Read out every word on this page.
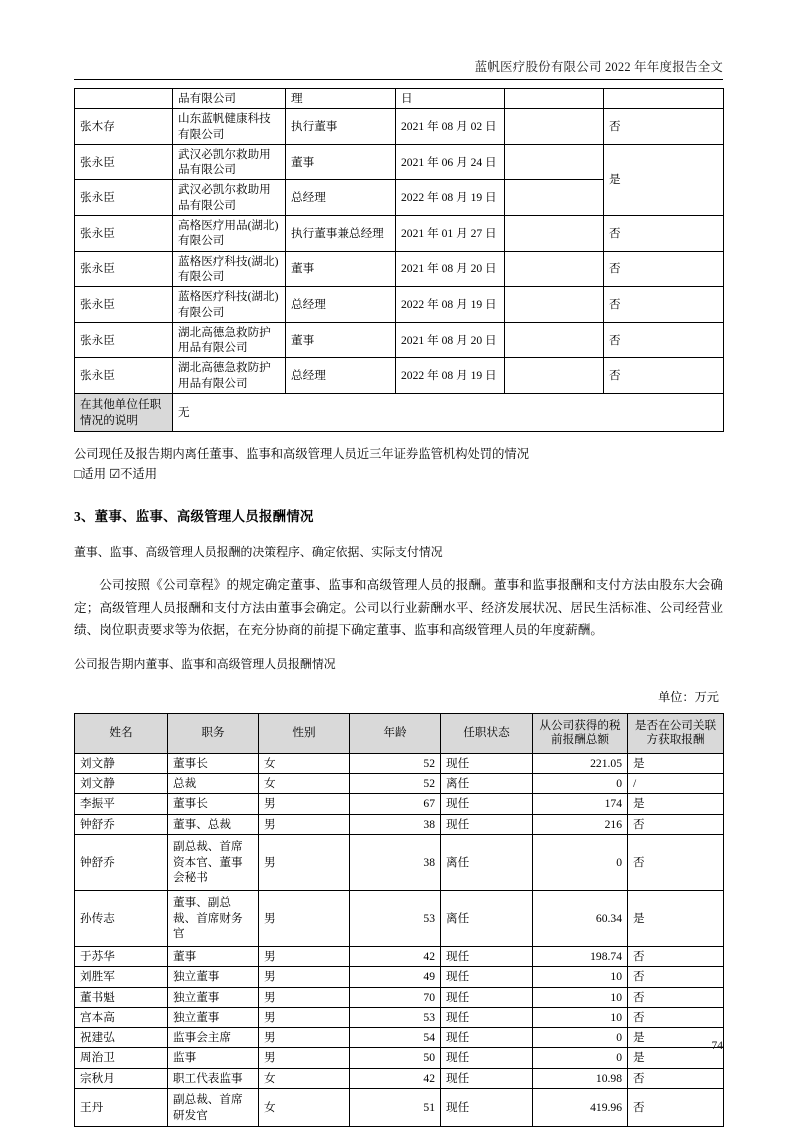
蓝帆医疗股份有限公司 2022 年年度报告全文
	品有限公司	理	日		
张木存	山东蓝帆健康科技有限公司	执行董事	2021 年 08 月 02 日		否
张永臣	武汉必凯尔救助用品有限公司	董事	2021 年 06 月 24 日		是
张永臣	武汉必凯尔救助用品有限公司	总经理	2022 年 08 月 19 日		
张永臣	高格医疗用品(湖北)有限公司	执行董事兼总经理	2021 年 01 月 27 日		否
张永臣	蓝格医疗科技(湖北)有限公司	董事	2021 年 08 月 20 日		否
张永臣	蓝格医疗科技(湖北)有限公司	总经理	2022 年 08 月 19 日		否
张永臣	湖北高德急救防护用品有限公司	董事	2021 年 08 月 20 日		否
张永臣	湖北高德急救防护用品有限公司	总经理	2022 年 08 月 19 日		否
在其他单位任职情况的说明	无				

公司现任及报告期内离任董事、监事和高级管理人员近三年证券监管机构处罚的情况

□适用 ☑不适用

3、董事、监事、高级管理人员报酬情况

董事、监事、高级管理人员报酬的决策程序、确定依据、实际支付情况

公司按照《公司章程》的规定确定董事、监事和高级管理人员的报酬。董事和监事报酬和支付方法由股东大会确定；高级管理人员报酬和支付方法由董事会确定。公司以行业薪酬水平、经济发展状况、居民生活标准、公司经营业绩、岗位职责要求等为依据，在充分协商的前提下确定董事、监事和高级管理人员的年度薪酬。

公司报告期内董事、监事和高级管理人员报酬情况

单位：万元

姓名	职务	性别	年龄	任职状态	从公司获得的税前报酬总额	是否在公司关联方获取报酬
刘文静	董事长	女	52	现任	221.05	是
刘文静	总裁	女	52	离任	0	/
李振平	董事长	男	67	现任	174	是
钟舒乔	董事、总裁	男	38	现任	216	否
钟舒乔	副总裁、首席资本官、董事会秘书	男	38	离任	0	否
孙传志	董事、副总裁、首席财务官	男	53	离任	60.34	是
于苏华	董事	男	42	现任	198.74	否
刘胜军	独立董事	男	49	现任	10	否
董书魁	独立董事	男	70	现任	10	否
宫本高	独立董事	男	53	现任	10	否
祝建弘	监事会主席	男	54	现任	0	是
周治卫	监事	男	50	现任	0	是
宗秋月	职工代表监事	女	42	现任	10.98	否
王丹	副总裁、首席研发官	女	51	现任	419.96	否
74
